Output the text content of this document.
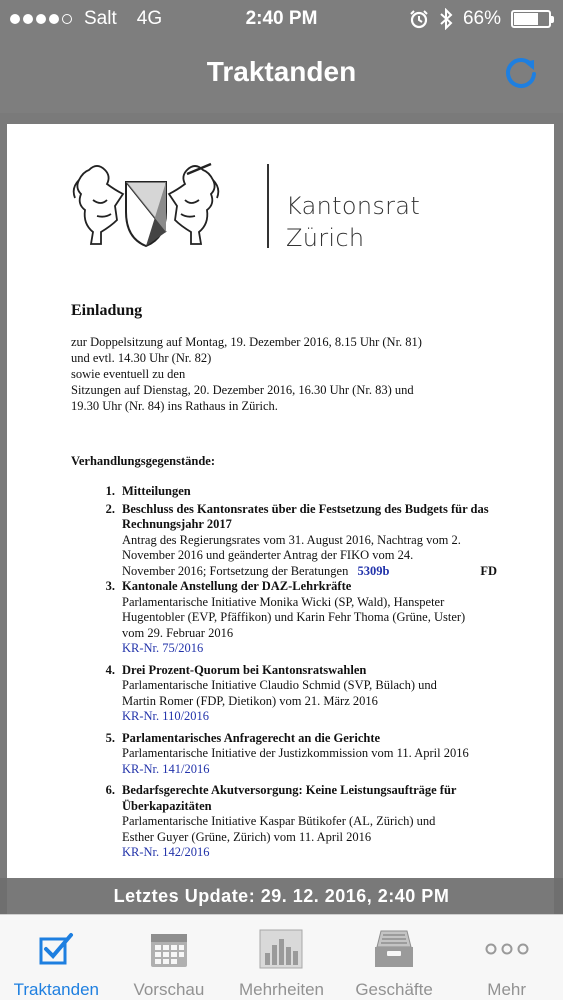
Salt 4G	2:40 PM	66%
Traktanden
Kantonsrat
Zürich
Einladung
zur Doppelsitzung auf Montag, 19. Dezember 2016, 8.15 Uhr (Nr. 81)
und evtl. 14.30 Uhr (Nr. 82)
sowie eventuell zu den
Sitzungen auf Dienstag, 20. Dezember 2016, 16.30 Uhr (Nr. 83) und
19.30 Uhr (Nr. 84) ins Rathaus in Zürich.
Verhandlungsgegenstände:
1. Mitteilungen
2. Beschluss des Kantonsrates über die Festsetzung des Budgets für das Rechnungsjahr 2017
Antrag des Regierungsrates vom 31. August 2016, Nachtrag vom 2.
November 2016 und geänderter Antrag der FIKO vom 24.
November 2016; Fortsetzung der Beratungen 5309b	FD
3. Kantonale Anstellung der DAZ-Lehrkräfte
Parlamentarische Initiative Monika Wicki (SP, Wald), Hanspeter
Hugentobler (EVP, Pfäffikon) und Karin Fehr Thoma (Grüne, Uster)
vom 29. Februar 2016
KR-Nr. 75/2016
4. Drei Prozent-Quorum bei Kantonsratswahlen
Parlamentarische Initiative Claudio Schmid (SVP, Bülach) und
Martin Romer (FDP, Dietikon) vom 21. März 2016
KR-Nr. 110/2016
5. Parlamentarisches Anfragerecht an die Gerichte
Parlamentarische Initiative der Justizkommission vom 11. April 2016
KR-Nr. 141/2016
6. Bedarfsgerechte Akutversorgung: Keine Leistungsaufträge für Überkapazitäten
Parlamentarische Initiative Kaspar Bütikofer (AL, Zürich) und
Esther Guyer (Grüne, Zürich) vom 11. April 2016
KR-Nr. 142/2016
Letztes Update: 29. 12. 2016, 2:40 PM
Traktanden Vorschau Mehrheiten Geschäfte	Mehr
